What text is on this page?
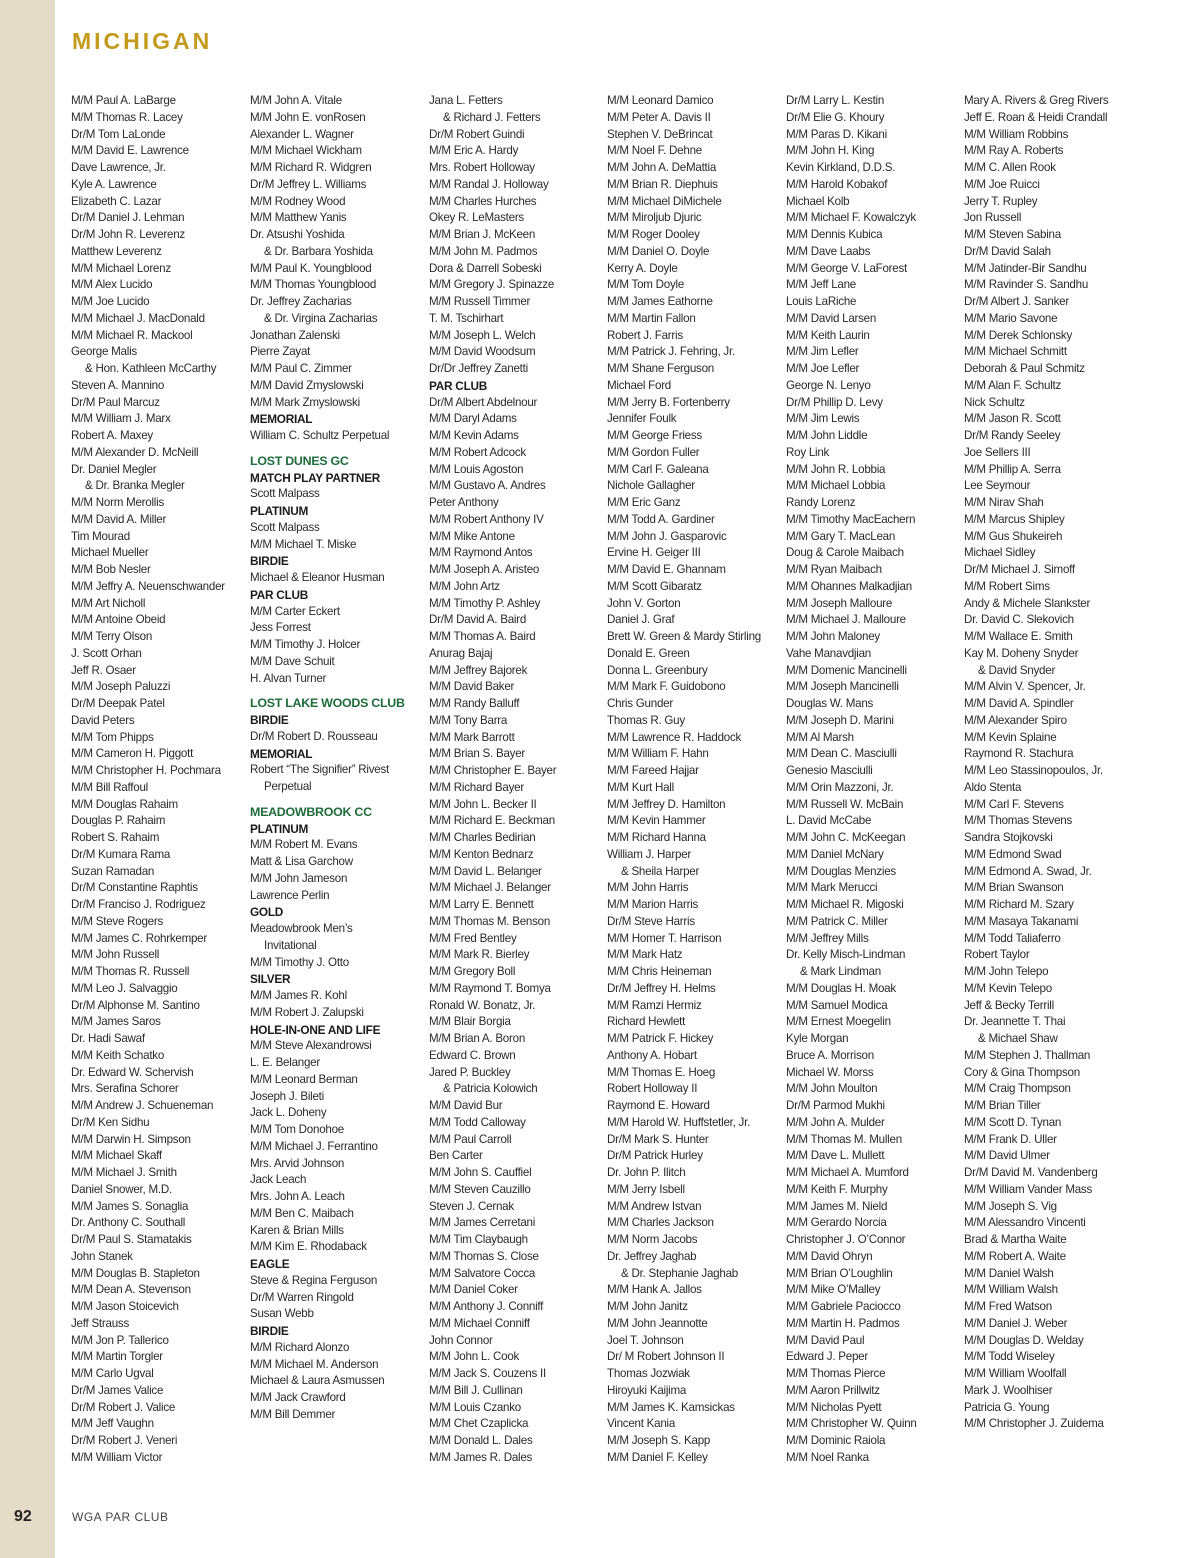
MICHIGAN
M/M Paul A. LaBarge
M/M Thomas R. Lacey
Dr/M Tom LaLonde
M/M David E. Lawrence
Dave Lawrence, Jr.
Kyle A. Lawrence
Elizabeth C. Lazar
Dr/M Daniel J. Lehman
Dr/M John R. Leverenz
Matthew Leverenz
M/M Michael Lorenz
M/M Alex Lucido
M/M Joe Lucido
M/M Michael J. MacDonald
M/M Michael R. Mackool
George Malis
& Hon. Kathleen McCarthy
Steven A. Mannino
Dr/M Paul Marcuz
M/M William J. Marx
Robert A. Maxey
M/M Alexander D. McNeill
Dr. Daniel Megler
& Dr. Branka Megler
M/M Norm Merollis
M/M David A. Miller
Tim Mourad
Michael Mueller
M/M Bob Nesler
M/M Jeffry A. Neuenschwander
M/M Art Nicholl
M/M Antoine Obeid
M/M Terry Olson
J. Scott Orhan
Jeff R. Osaer
M/M Joseph Paluzzi
Dr/M Deepak Patel
David Peters
M/M Tom Phipps
M/M Cameron H. Piggott
M/M Christopher H. Pochmara
M/M Bill Raffoul
M/M Douglas Rahaim
Douglas P. Rahaim
Robert S. Rahaim
Dr/M Kumara Rama
Suzan Ramadan
Dr/M Constantine Raphtis
Dr/M Franciso J. Rodriguez
M/M Steve Rogers
M/M James C. Rohrkemper
M/M John Russell
M/M Thomas R. Russell
M/M Leo J. Salvaggio
Dr/M Alphonse M. Santino
M/M James Saros
Dr. Hadi Sawaf
M/M Keith Schatko
Dr. Edward W. Schervish
Mrs. Serafina Schorer
M/M Andrew J. Schueneman
Dr/M Ken Sidhu
M/M Darwin H. Simpson
M/M Michael Skaff
M/M Michael J. Smith
Daniel Snower, M.D.
M/M James S. Sonaglia
Dr. Anthony C. Southall
Dr/M Paul S. Stamatakis
John Stanek
M/M Douglas B. Stapleton
M/M Dean A. Stevenson
M/M Jason Stoicevich
Jeff Strauss
M/M Jon P. Tallerico
M/M Martin Torgler
M/M Carlo Ugval
Dr/M James Valice
Dr/M Robert J. Valice
M/M Jeff Vaughn
Dr/M Robert J. Veneri
M/M William Victor
M/M John A. Vitale
M/M John E. vonRosen
Alexander L. Wagner
M/M Michael Wickham
M/M Richard R. Widgren
Dr/M Jeffrey L. Williams
M/M Rodney Wood
M/M Matthew Yanis
Dr. Atsushi Yoshida
& Dr. Barbara Yoshida
M/M Paul K. Youngblood
M/M Thomas Youngblood
Dr. Jeffrey Zacharias
& Dr. Virgina Zacharias
Jonathan Zalenski
Pierre Zayat
M/M Paul C. Zimmer
M/M David Zmyslowski
M/M Mark Zmyslowski
MEMORIAL
William C. Schultz Perpetual
LOST DUNES GC
MATCH PLAY PARTNER
Scott Malpass
PLATINUM
Scott Malpass
M/M Michael T. Miske
BIRDIE
Michael & Eleanor Husman
PAR CLUB
M/M Carter Eckert
Jess Forrest
M/M Timothy J. Holcer
M/M Dave Schuit
H. Alvan Turner
LOST LAKE WOODS CLUB
BIRDIE
Dr/M Robert D. Rousseau
MEMORIAL
Robert “The Signifier” Rivest
Perpetual
MEADOWBROOK CC
PLATINUM
M/M Robert M. Evans
Matt & Lisa Garchow
M/M John Jameson
Lawrence Perlin
GOLD
Meadowbrook Men’s
Invitational
M/M Timothy J. Otto
SILVER
M/M James R. Kohl
M/M Robert J. Zalupski
HOLE-IN-ONE AND LIFE
M/M Steve Alexandrowsi
L. E. Belanger
M/M Leonard Berman
Joseph J. Bileti
Jack L. Doheny
M/M Tom Donohoe
M/M Michael J. Ferrantino
Mrs. Arvid Johnson
Jack Leach
Mrs. John A. Leach
M/M Ben C. Maibach
Karen & Brian Mills
M/M Kim E. Rhodaback
EAGLE
Steve & Regina Ferguson
Dr/M Warren Ringold
Susan Webb
BIRDIE
M/M Richard Alonzo
M/M Michael M. Anderson
Michael & Laura Asmussen
M/M Jack Crawford
M/M Bill Demmer
Jana L. Fetters
& Richard J. Fetters
Dr/M Robert Guindi
M/M Eric A. Hardy
Mrs. Robert Holloway
M/M Randal J. Holloway
M/M Charles Hurches
Okey R. LeMasters
M/M Brian J. McKeen
M/M John M. Padmos
Dora & Darrell Sobeski
M/M Gregory J. Spinazze
M/M Russell Timmer
T. M. Tschirhart
M/M Joseph L. Welch
M/M David Woodsum
Dr/Dr Jeffrey Zanetti
PAR CLUB
Dr/M Albert Abdelnour
M/M Daryl Adams
M/M Kevin Adams
M/M Robert Adcock
M/M Louis Agoston
M/M Gustavo A. Andres
Peter Anthony
M/M Robert Anthony IV
M/M Mike Antone
M/M Raymond Antos
M/M Joseph A. Aristeo
M/M John Artz
M/M Timothy P. Ashley
Dr/M David A. Baird
M/M Thomas A. Baird
Anurag Bajaj
M/M Jeffrey Bajorek
M/M David Baker
M/M Randy Balluff
M/M Tony Barra
M/M Mark Barrott
M/M Brian S. Bayer
M/M Christopher E. Bayer
M/M Richard Bayer
M/M John L. Becker II
M/M Richard E. Beckman
M/M Charles Bedirian
M/M Kenton Bednarz
M/M David L. Belanger
M/M Michael J. Belanger
M/M Larry E. Bennett
M/M Thomas M. Benson
M/M Fred Bentley
M/M Mark R. Bierley
M/M Gregory Boll
M/M Raymond T. Bomya
Ronald W. Bonatz, Jr.
M/M Blair Borgia
M/M Brian A. Boron
Edward C. Brown
Jared P. Buckley
& Patricia Kolowich
M/M David Bur
M/M Todd Calloway
M/M Paul Carroll
Ben Carter
M/M John S. Cauffiel
M/M Steven Cauzillo
Steven J. Cernak
M/M James Cerretani
M/M Tim Claybaugh
M/M Thomas S. Close
M/M Salvatore Cocca
M/M Daniel Coker
M/M Anthony J. Conniff
M/M Michael Conniff
John Connor
M/M John L. Cook
M/M Jack S. Couzens II
M/M Bill J. Cullinan
M/M Louis Czanko
M/M Chet Czaplicka
M/M Donald L. Dales
M/M James R. Dales
M/M Leonard Damico
M/M Peter A. Davis II
Stephen V. DeBrincat
M/M Noel F. Dehne
M/M John A. DeMattia
M/M Brian R. Diephuis
M/M Michael DiMichele
M/M Miroljub Djuric
M/M Roger Dooley
M/M Daniel O. Doyle
Kerry A. Doyle
M/M Tom Doyle
M/M James Eathorne
M/M Martin Fallon
Robert J. Farris
M/M Patrick J. Fehring, Jr.
M/M Shane Ferguson
Michael Ford
M/M Jerry B. Fortenberry
Jennifer Foulk
M/M George Friess
M/M Gordon Fuller
M/M Carl F. Galeana
Nichole Gallagher
M/M Eric Ganz
M/M Todd A. Gardiner
M/M John J. Gasparovic
Ervine H. Geiger III
M/M David E. Ghannam
M/M Scott Gibaratz
John V. Gorton
Daniel J. Graf
Brett W. Green & Mardy Stirling
Donald E. Green
Donna L. Greenbury
M/M Mark F. Guidobono
Chris Gunder
Thomas R. Guy
M/M Lawrence R. Haddock
M/M William F. Hahn
M/M Fareed Hajjar
M/M Kurt Hall
M/M Jeffrey D. Hamilton
M/M Kevin Hammer
M/M Richard Hanna
William J. Harper
& Sheila Harper
M/M John Harris
M/M Marion Harris
Dr/M Steve Harris
M/M Homer T. Harrison
M/M Mark Hatz
M/M Chris Heineman
Dr/M Jeffrey H. Helms
M/M Ramzi Hermiz
Richard Hewlett
M/M Patrick F. Hickey
Anthony A. Hobart
M/M Thomas E. Hoeg
Robert Holloway II
Raymond E. Howard
M/M Harold W. Huffstetler, Jr.
Dr/M Mark S. Hunter
Dr/M Patrick Hurley
Dr. John P. Ilitch
M/M Jerry Isbell
M/M Andrew Istvan
M/M Charles Jackson
M/M Norm Jacobs
Dr. Jeffrey Jaghab
& Dr. Stephanie Jaghab
M/M Hank A. Jallos
M/M John Janitz
M/M John Jeannotte
Joel T. Johnson
Dr/ M Robert Johnson II
Thomas Jozwiak
Hiroyuki Kaijima
M/M James K. Kamsickas
Vincent Kania
M/M Joseph S. Kapp
M/M Daniel F. Kelley
Dr/M Larry L. Kestin
Dr/M Elie G. Khoury
M/M Paras D. Kikani
M/M John H. King
Kevin Kirkland, D.D.S.
M/M Harold Kobakof
Michael Kolb
M/M Michael F. Kowalczyk
M/M Dennis Kubica
M/M Dave Laabs
M/M George V. LaForest
M/M Jeff Lane
Louis LaRiche
M/M David Larsen
M/M Keith Laurin
M/M Jim Lefler
M/M Joe Lefler
George N. Lenyo
Dr/M Phillip D. Levy
M/M Jim Lewis
M/M John Liddle
Roy Link
M/M John R. Lobbia
M/M Michael Lobbia
Randy Lorenz
M/M Timothy MacEachern
M/M Gary T. MacLean
Doug & Carole Maibach
M/M Ryan Maibach
M/M Ohannes Malkadjian
M/M Joseph Malloure
M/M Michael J. Malloure
M/M John Maloney
Vahe Manavdjian
M/M Domenic Mancinelli
M/M Joseph Mancinelli
Douglas W. Mans
M/M Joseph D. Marini
M/M Al Marsh
M/M Dean C. Masciulli
Genesio Masciulli
M/M Orin Mazzoni, Jr.
M/M Russell W. McBain
L. David McCabe
M/M John C. McKeegan
M/M Daniel McNary
M/M Douglas Menzies
M/M Mark Merucci
M/M Michael R. Migoski
M/M Patrick C. Miller
M/M Jeffrey Mills
Dr. Kelly Misch-Lindman
& Mark Lindman
M/M Douglas H. Moak
M/M Samuel Modica
M/M Ernest Moegelin
Kyle Morgan
Bruce A. Morrison
Michael W. Morss
M/M John Moulton
Dr/M Parmod Mukhi
M/M John A. Mulder
M/M Thomas M. Mullen
M/M Dave L. Mullett
M/M Michael A. Mumford
M/M Keith F. Murphy
M/M James M. Nield
M/M Gerardo Norcia
Christopher J. O’Connor
M/M David Ohryn
M/M Brian O’Loughlin
M/M Mike O’Malley
M/M Gabriele Paciocco
M/M Martin H. Padmos
M/M David Paul
Edward J. Peper
M/M Thomas Pierce
M/M Aaron Prillwitz
M/M Nicholas Pyett
M/M Christopher W. Quinn
M/M Dominic Raiola
M/M Noel Ranka
Mary A. Rivers & Greg Rivers
Jeff E. Roan & Heidi Crandall
M/M William Robbins
M/M Ray A. Roberts
M/M C. Allen Rook
M/M Joe Ruicci
Jerry T. Rupley
Jon Russell
M/M Steven Sabina
Dr/M David Salah
M/M Jatinder-Bir Sandhu
M/M Ravinder S. Sandhu
Dr/M Albert J. Sanker
M/M Mario Savone
M/M Derek Schlonsky
M/M Michael Schmitt
Deborah & Paul Schmitz
M/M Alan F. Schultz
Nick Schultz
M/M Jason R. Scott
Dr/M Randy Seeley
Joe Sellers III
M/M Phillip A. Serra
Lee Seymour
M/M Nirav Shah
M/M Marcus Shipley
M/M Gus Shukeireh
Michael Sidley
Dr/M Michael J. Simoff
M/M Robert Sims
Andy & Michele Slankster
Dr. David C. Slekovich
M/M Wallace E. Smith
Kay M. Doheny Snyder
& David Snyder
M/M Alvin V. Spencer, Jr.
M/M David A. Spindler
M/M Alexander Spiro
M/M Kevin Splaine
Raymond R. Stachura
M/M Leo Stassinopoulos, Jr.
Aldo Stenta
M/M Carl F. Stevens
M/M Thomas Stevens
Sandra Stojkovski
M/M Edmond Swad
M/M Edmond A. Swad, Jr.
M/M Brian Swanson
M/M Richard M. Szary
M/M Masaya Takanami
M/M Todd Taliaferro
Robert Taylor
M/M John Telepo
M/M Kevin Telepo
Jeff & Becky Terrill
Dr. Jeannette T. Thai
& Michael Shaw
M/M Stephen J. Thallman
Cory & Gina Thompson
M/M Craig Thompson
M/M Brian Tiller
M/M Scott D. Tynan
M/M Frank D. Uller
M/M David Ulmer
Dr/M David M. Vandenberg
M/M William Vander Mass
M/M Joseph S. Vig
M/M Alessandro Vincenti
Brad & Martha Waite
M/M Robert A. Waite
M/M Daniel Walsh
M/M William Walsh
M/M Fred Watson
M/M Daniel J. Weber
M/M Douglas D. Welday
M/M Todd Wiseley
M/M William Woolfall
Mark J. Woolhiser
Patricia G. Young
M/M Christopher J. Zuidema
92	WGA PAR CLUB
